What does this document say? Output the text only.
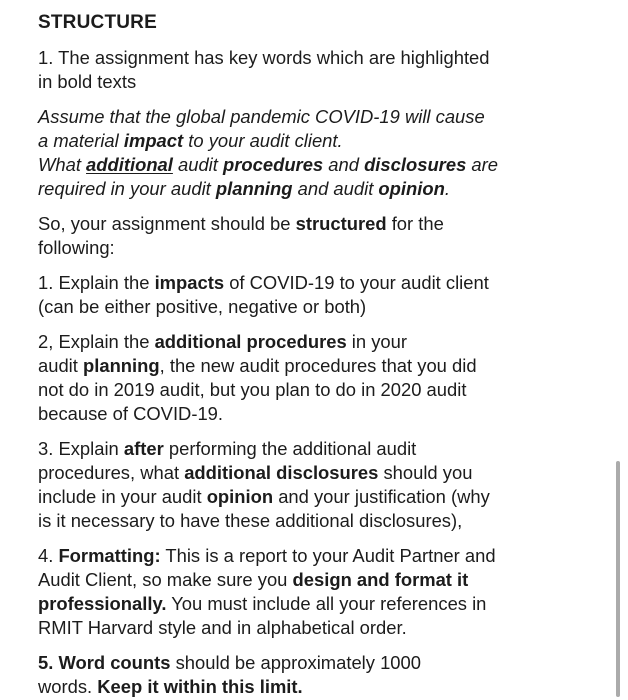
STRUCTURE
1. The assignment has key words which are highlighted
in bold texts
Assume that the global pandemic COVID-19 will cause
a material impact to your audit client.
What additional audit procedures and disclosures are
required in your audit planning and audit opinion.
So, your assignment should be structured for the
following:
1. Explain the impacts of COVID-19 to your audit client
(can be either positive, negative or both)
2, Explain the additional procedures in your
audit planning, the new audit procedures that you did
not do in 2019 audit, but you plan to do in 2020 audit
because of COVID-19.
3. Explain after performing the additional audit
procedures, what additional disclosures should you
include in your audit opinion and your justification (why
is it necessary to have these additional disclosures),
4. Formatting: This is a report to your Audit Partner and
Audit Client, so make sure you design and format it
professionally. You must include all your references in
RMIT Harvard style and in alphabetical order.
5. Word counts should be approximately 1000
words. Keep it within this limit.
